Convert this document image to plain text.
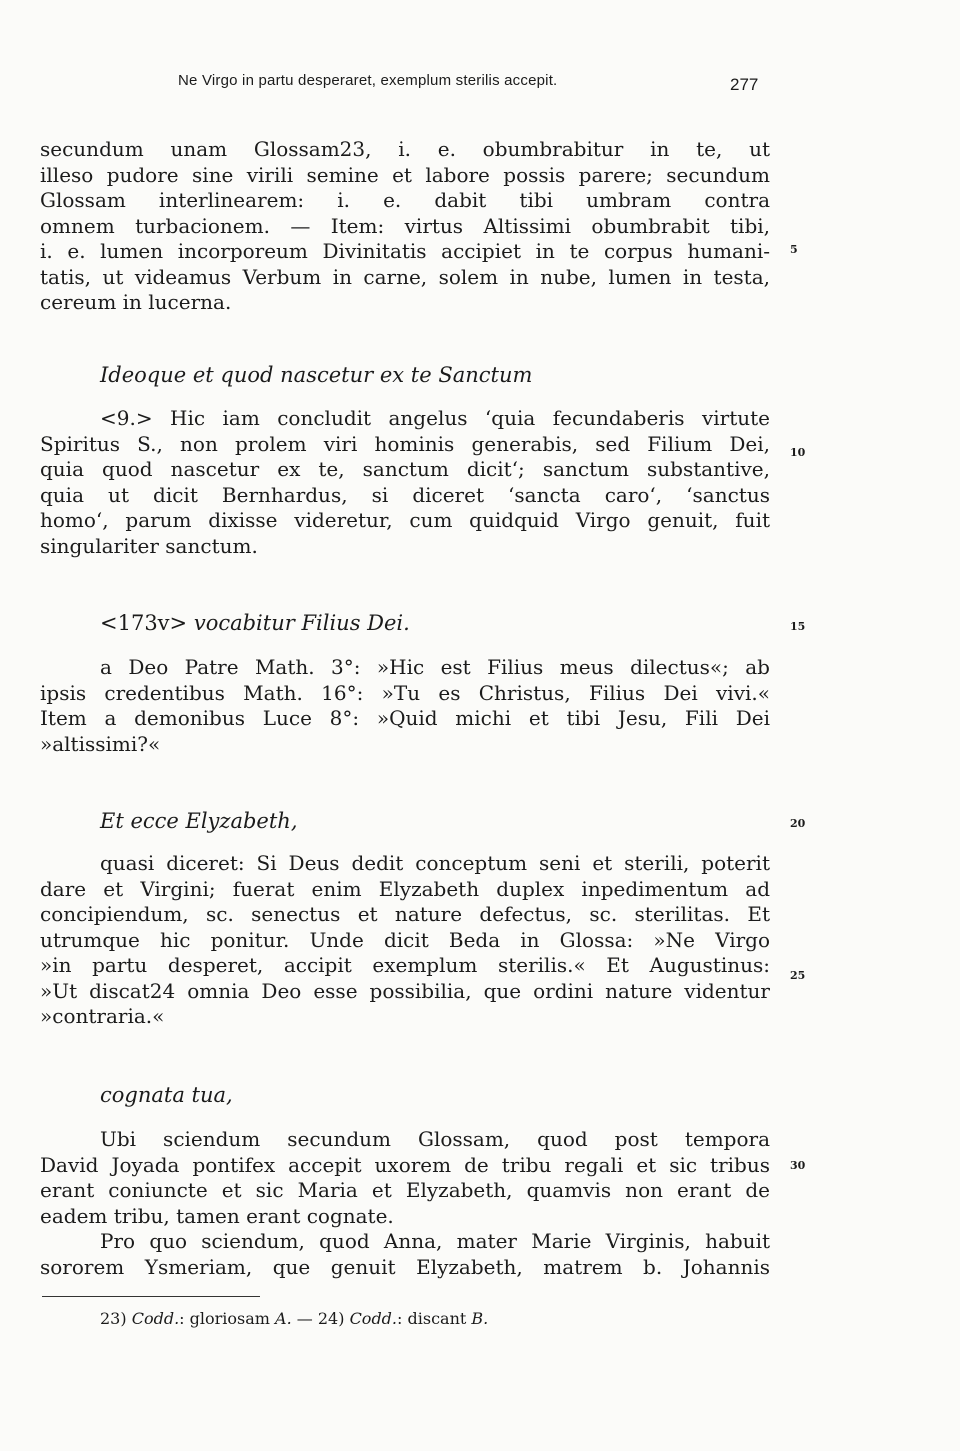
Ne Virgo in partu desperaret, exemplum sterilis accepit.	277
secundum unam Glossam23, i. e. obumbrabitur in te, ut
illeso pudore sine virili semine et labore possis parere; secundum
Glossam interlinearem: i. e. dabit tibi umbram contra
omnem turbacionem. — Item: virtus Altissimi obumbrabit tibi,
i. e. lumen incorporeum Divinitatis accipiet in te corpus humani-
tatis, ut videamus Verbum in carne, solem in nube, lumen in testa,
cereum in lucerna.
Ideoque et quod nascetur ex te Sanctum
<9.> Hic iam concludit angelus ‘quia fecundaberis virtute
Spiritus S., non prolem viri hominis generabis, sed Filium Dei,
quia quod nascetur ex te, sanctum dicit‘; sanctum substantive,
quia ut dicit Bernhardus, si diceret ‘sancta caro‘, ‘sanctus
homo‘, parum dixisse videretur, cum quidquid Virgo genuit, fuit
singulariter sanctum.
<173v> vocabitur Filius Dei.
a Deo Patre Math. 3°: »Hic est Filius meus dilectus«; ab
ipsis credentibus Math. 16°: »Tu es Christus, Filius Dei vivi.«
Item a demonibus Luce 8°: »Quid michi et tibi Jesu, Fili Dei
»altissimi?«
Et ecce Elyzabeth,
quasi diceret: Si Deus dedit conceptum seni et sterili, poterit
dare et Virgini; fuerat enim Elyzabeth duplex inpedimentum ad
concipiendum, sc. senectus et nature defectus, sc. sterilitas. Et
utrumque hic ponitur. Unde dicit Beda in Glossa: »Ne Virgo
»in partu desperet, accipit exemplum sterilis.« Et Augustinus:
»Ut discat24 omnia Deo esse possibilia, que ordini nature videntur
»contraria.«
cognata tua,
Ubi sciendum secundum Glossam, quod post tempora
David Joyada pontifex accepit uxorem de tribu regali et sic tribus
erant coniuncte et sic Maria et Elyzabeth, quamvis non erant de
eadem tribu, tamen erant cognate.
Pro quo sciendum, quod Anna, mater Marie Virginis, habuit
sororem Ysmeriam, que genuit Elyzabeth, matrem b. Johannis
5
10
15
20
25
30
23) Codd.: gloriosam A. — 24) Codd.: discant B.
